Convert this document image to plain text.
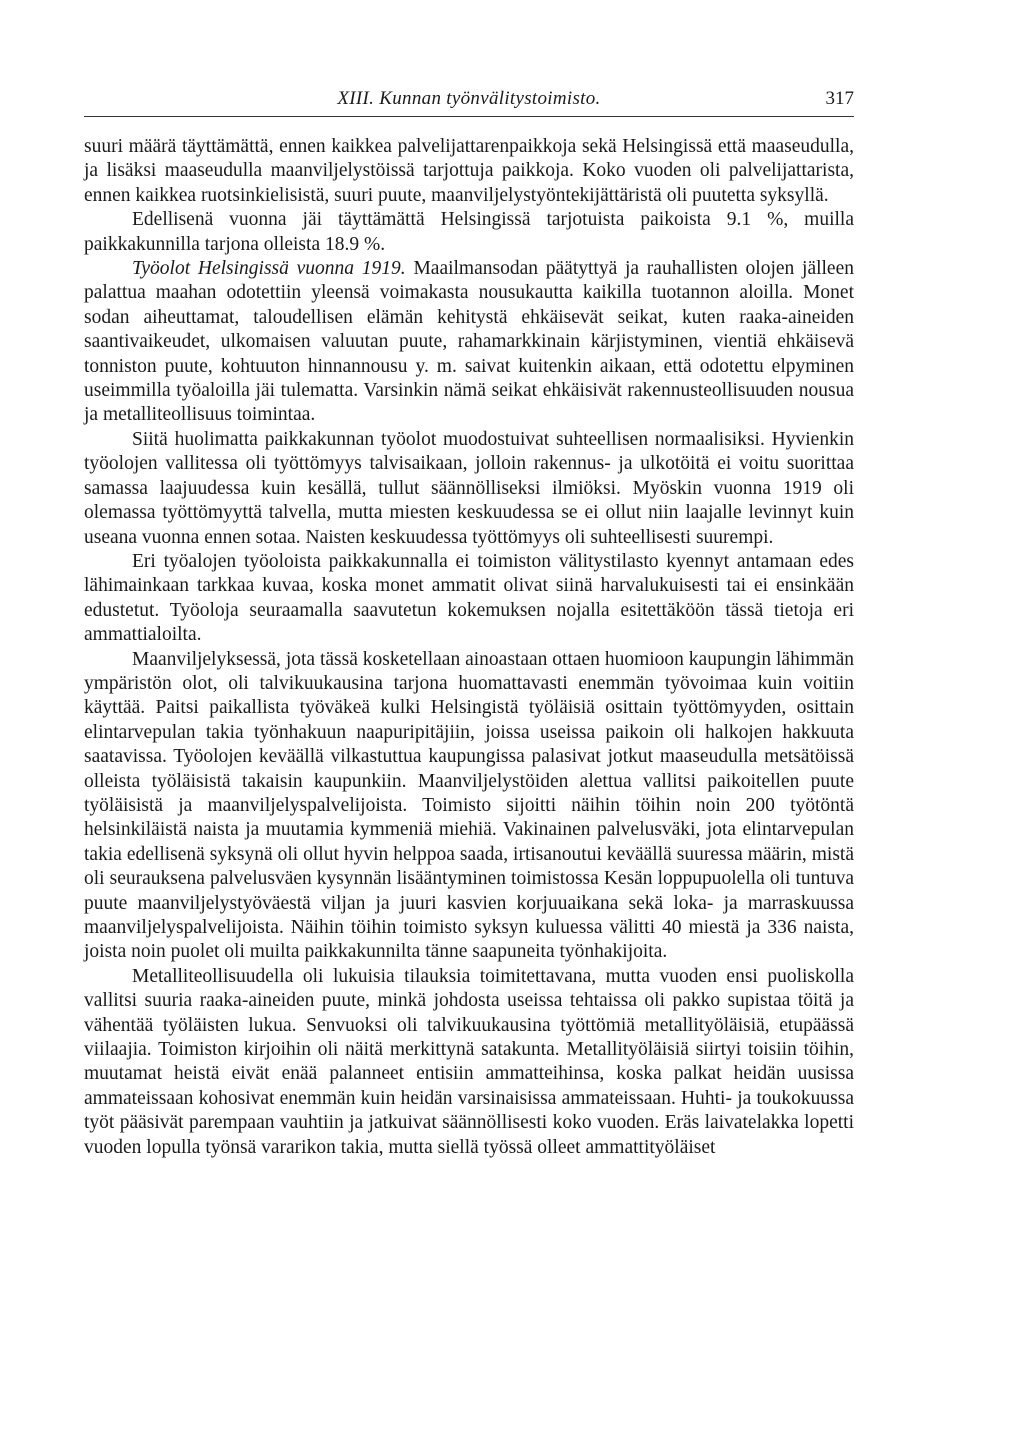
XIII. Kunnan työnvälitystoimisto.	317

suuri määrä täyttämättä, ennen kaikkea palvelijattarenpaikkoja sekä Helsingissä että maaseudulla, ja lisäksi maaseudulla maanviljelystöissä tarjottuja paikkoja. Koko vuoden oli palvelijattarista, ennen kaikkea ruotsinkielisistä, suuri puute, maanviljelystyöntekijättäristä oli puutetta syksyllä.

Edellisenä vuonna jäi täyttämättä Helsingissä tarjotuista paikoista 9.1 %, muilla paikkakunnilla tarjona olleista 18.9 %.

Työolot Helsingissä vuonna 1919. Maailmansodan päätyttyä ja rauhallisten olojen jälleen palattua maahan odotettiin yleensä voimakasta nousukautta kaikilla tuotannon aloilla. Monet sodan aiheuttamat, taloudellisen elämän kehitystä ehkäisevät seikat, kuten raaka-aineiden saantivaikeudet, ulkomaisen valuutan puute, rahamarkkinain kärjistyminen, vientiä ehkäisevä tonniston puute, kohtuuton hinnannousu y. m. saivat kuitenkin aikaan, että odotettu elpyminen useimmilla työaloilla jäi tulematta. Varsinkin nämä seikat ehkäisivät rakennusteollisuuden nousua ja metalliteollisuus toimintaa.

Siitä huolimatta paikkakunnan työolot muodostuivat suhteellisen normaalisiksi. Hyvienkin työolojen vallitessa oli työttömyys talvisaikaan, jolloin rakennus- ja ulkotöitä ei voitu suorittaa samassa laajuudessa kuin kesällä, tullut säännölliseksi ilmiöksi. Myöskin vuonna 1919 oli olemassa työttömyyttä talvella, mutta miesten keskuudessa se ei ollut niin laajalle levinnyt kuin useana vuonna ennen sotaa. Naisten keskuudessa työttömyys oli suhteellisesti suurempi.

Eri työalojen työoloista paikkakunnalla ei toimiston välitystilasto kyennyt antamaan edes lähimainkaan tarkkaa kuvaa, koska monet ammatit olivat siinä harvalukuisesti tai ei ensinkään edustetut. Työoloja seuraamalla saavutetun kokemuksen nojalla esitettäköön tässä tietoja eri ammattialoilta.

Maanviljelyksessä, jota tässä kosketellaan ainoastaan ottaen huomioon kaupungin lähimmän ympäristön olot, oli talvikuukausina tarjona huomattavasti enemmän työvoimaa kuin voitiin käyttää. Paitsi paikallista työväkeä kulki Helsingistä työläisiä osittain työttömyyden, osittain elintarvepulan takia työnhakuun naapuripitäjiin, joissa useissa paikoin oli halkojen hakkuuta saatavissa. Työolojen keväällä vilkastuttua kaupungissa palasivat jotkut maaseudulla metsätöissä olleista työläisistä takaisin kaupunkiin. Maanviljelystöiden alettua vallitsi paikoitellen puute työläisistä ja maanviljelyspalvelijoista. Toimisto sijoitti näihin töihin noin 200 työtöntä helsinkiläistä naista ja muutamia kymmeniä miehiä. Vakinainen palvelusväki, jota elintarvepulan takia edellisenä syksynä oli ollut hyvin helppoa saada, irtisanoutui keväällä suuressa määrin, mistä oli seurauksena palvelusväen kysynnän lisääntyminen toimistossa Kesän loppupuolella oli tuntuva puute maanviljelystyöväestä viljan ja juuri kasvien korjuuaikana sekä loka- ja marraskuussa maanviljelyspalvelijoista. Näihin töihin toimisto syksyn kuluessa välitti 40 miestä ja 336 naista, joista noin puolet oli muilta paikkakunnilta tänne saapuneita työnhakijoita.

Metalliteollisuudella oli lukuisia tilauksia toimitettavana, mutta vuoden ensi puoliskolla vallitsi suuria raaka-aineiden puute, minkä johdosta useissa tehtaissa oli pakko supistaa töitä ja vähentää työläisten lukua. Senvuoksi oli talvikuukausina työttömiä metallityöläisiä, etupäässä viilaajia. Toimiston kirjoihin oli näitä merkittynä satakunta. Metallityöläisiä siirtyi toisiin töihin, muutamat heistä eivät enää palanneet entisiin ammatteihinsa, koska palkat heidän uusissa ammateissaan kohosivat enemmän kuin heidän varsinaisissa ammateissaan. Huhti- ja toukokuussa työt pääsivät parempaan vauhtiin ja jatkuivat säännöllisesti koko vuoden. Eräs laivatelakka lopetti vuoden lopulla työnsä vararikon takia, mutta siellä työssä olleet ammattityöläiset
